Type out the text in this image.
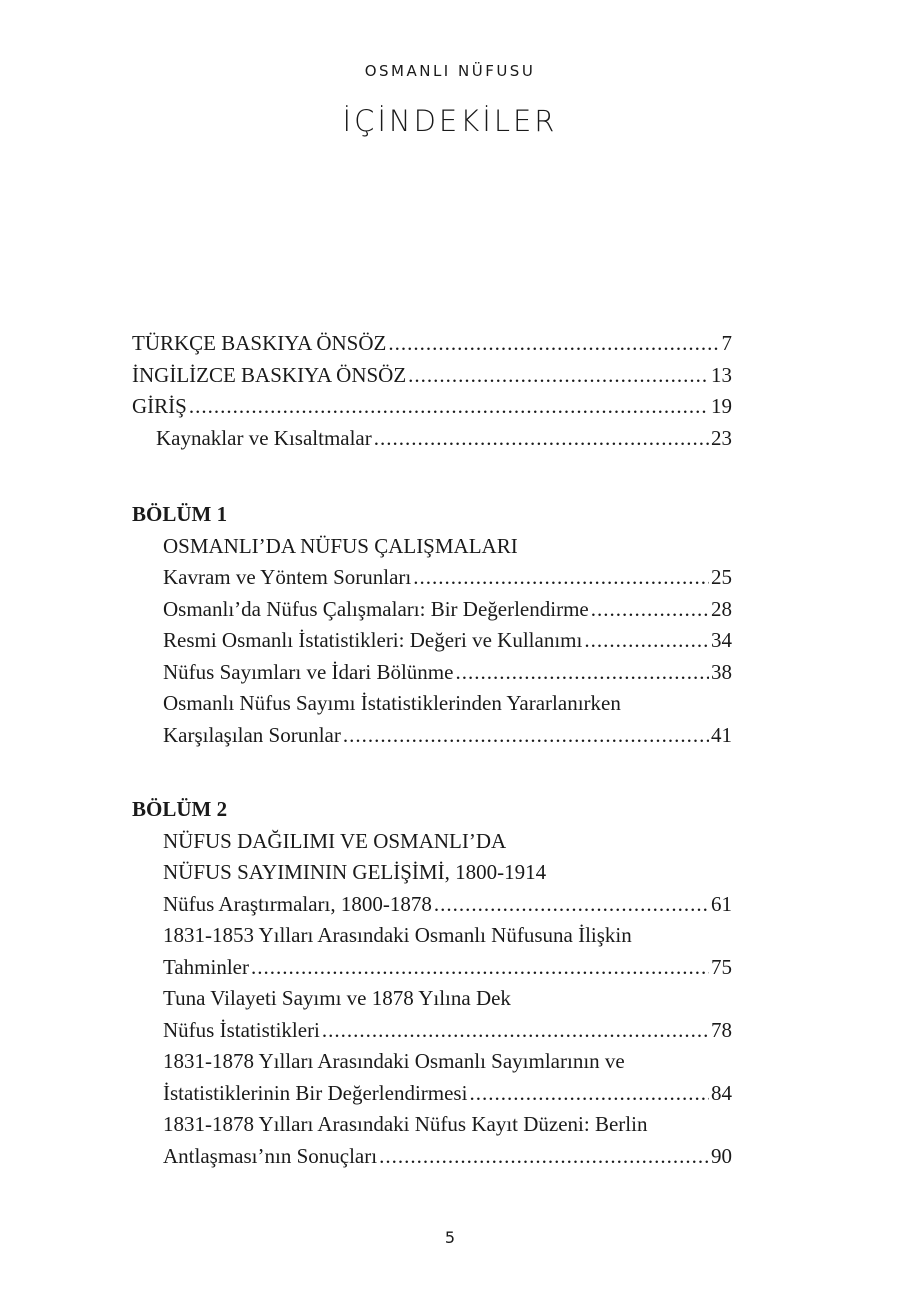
OSMANLI NÜFUSU
İÇİNDEKİLER
TÜRKÇE BASKIYA ÖNSÖZ .....	7
İNGİLİZCE BASKIYA ÖNSÖZ .....	13
GİRİŞ .....	19
Kaynaklar ve Kısaltmalar .....	23
BÖLÜM 1
OSMANLI’DA NÜFUS ÇALIŞMALARI
Kavram ve Yöntem Sorunları .....	25
Osmanlı’da Nüfus Çalışmaları: Bir Değerlendirme .....	28
Resmi Osmanlı İstatistikleri: Değeri ve Kullanımı .....	34
Nüfus Sayımları ve İdari Bölünme .....	38
Osmanlı Nüfus Sayımı İstatistiklerinden Yararlanırken
Karşılaşılan Sorunlar .....	41
BÖLÜM 2
NÜFUS DAĞILIMI VE OSMANLI’DA
NÜFUS SAYIMININ GELİŞİMİ, 1800-1914
Nüfus Araştırmaları, 1800-1878 .....	61
1831-1853 Yılları Arasındaki Osmanlı Nüfusuna İlişkin
Tahminler .....	75
Tuna Vilayeti Sayımı ve 1878 Yılına Dek
Nüfus İstatistikleri .....	78
1831-1878 Yılları Arasındaki Osmanlı Sayımlarının ve
İstatistiklerinin Bir Değerlendirmesi .....	84
1831-1878 Yılları Arasındaki Nüfus Kayıt Düzeni: Berlin
Antlaşması’nın Sonuçları .....	90
5
